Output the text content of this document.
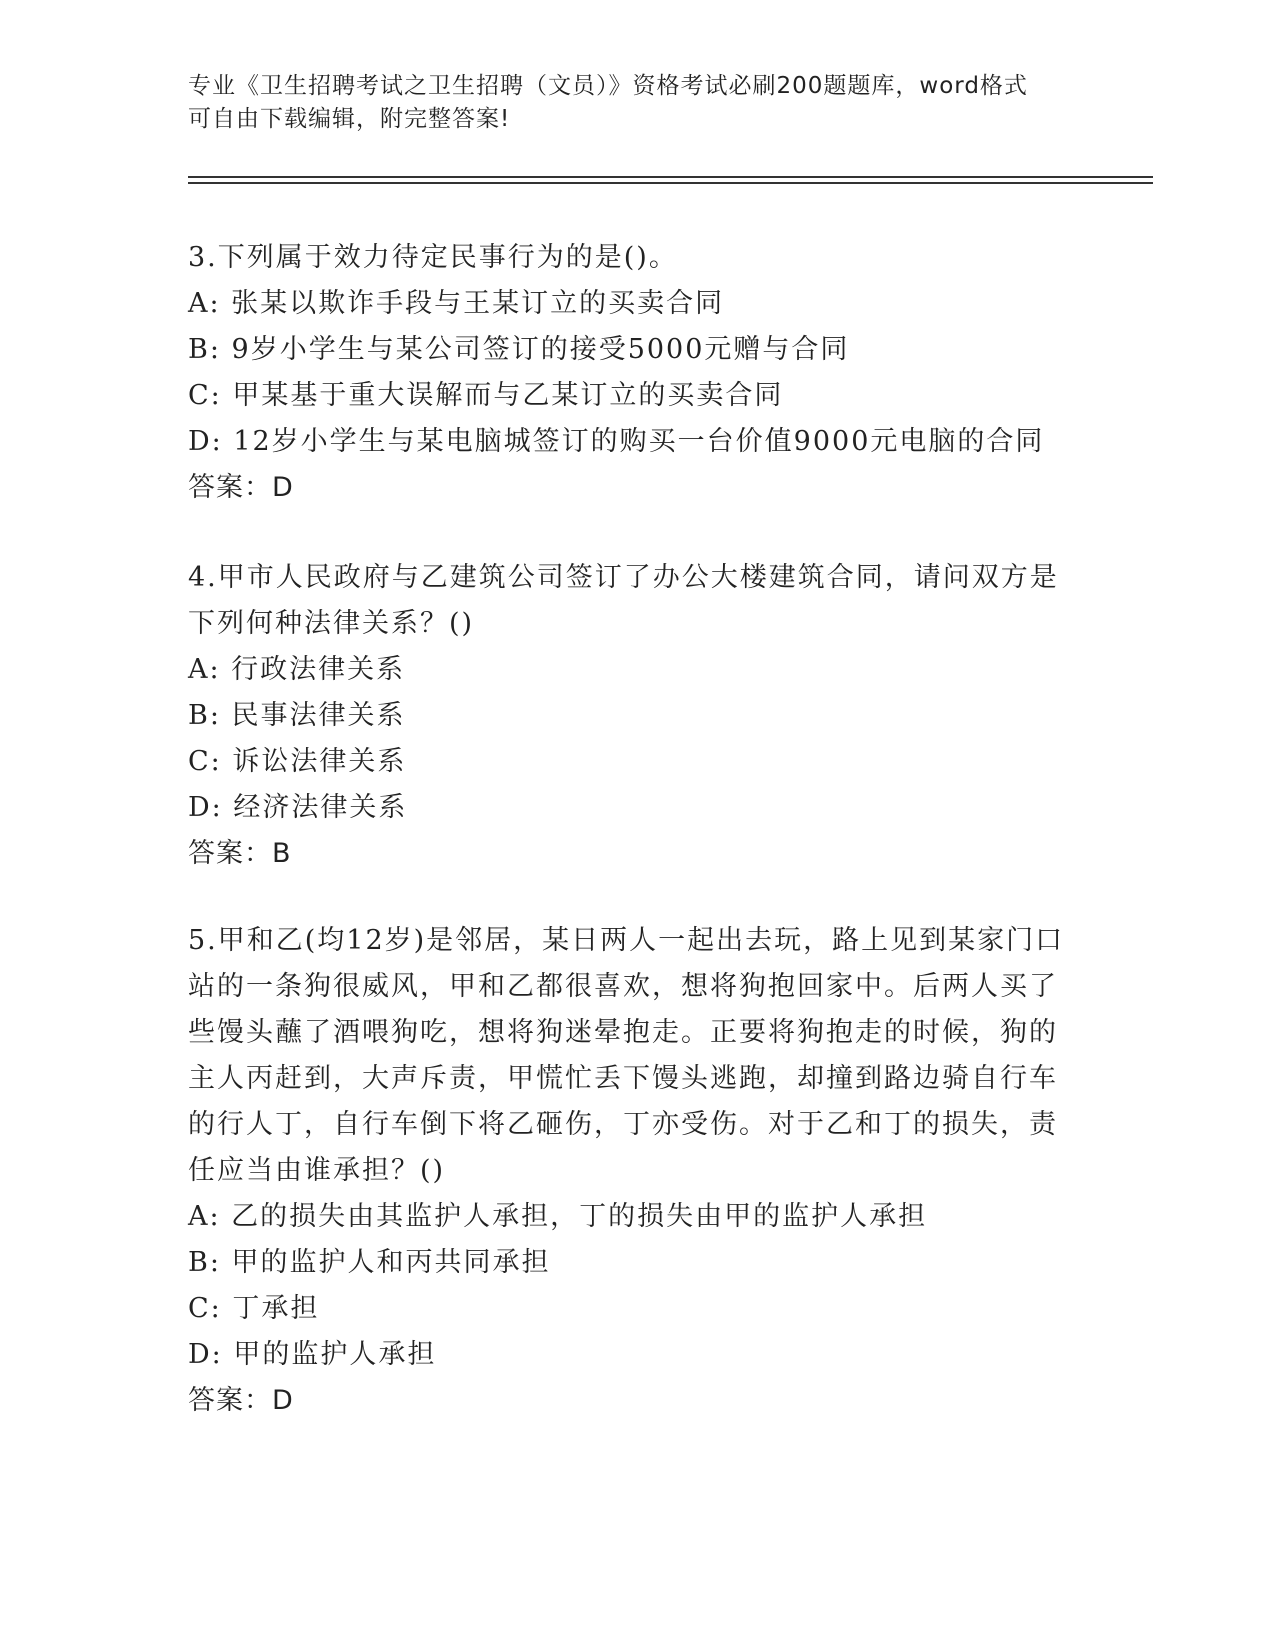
专业《卫生招聘考试之卫生招聘（文员）》资格考试必刷200题题库，word格式
可自由下载编辑，附完整答案!

3.下列属于效力待定民事行为的是()。

A: 张某以欺诈手段与王某订立的买卖合同

B: 9岁小学生与某公司签订的接受5000元赠与合同

C: 甲某基于重大误解而与乙某订立的买卖合同

D: 12岁小学生与某电脑城签订的购买一台价值9000元电脑的合同

答案：D

4.甲市人民政府与乙建筑公司签订了办公大楼建筑合同，请问双方是

下列何种法律关系？()

A: 行政法律关系

B: 民事法律关系

C: 诉讼法律关系

D: 经济法律关系

答案：B

5.甲和乙(均12岁)是邻居，某日两人一起出去玩，路上见到某家门口

站的一条狗很威风，甲和乙都很喜欢，想将狗抱回家中。后两人买了

些馒头蘸了酒喂狗吃，想将狗迷晕抱走。正要将狗抱走的时候，狗的

主人丙赶到，大声斥责，甲慌忙丢下馒头逃跑，却撞到路边骑自行车

的行人丁，自行车倒下将乙砸伤，丁亦受伤。对于乙和丁的损失，责

任应当由谁承担？()

A: 乙的损失由其监护人承担，丁的损失由甲的监护人承担

B: 甲的监护人和丙共同承担

C: 丁承担

D: 甲的监护人承担

答案：D
